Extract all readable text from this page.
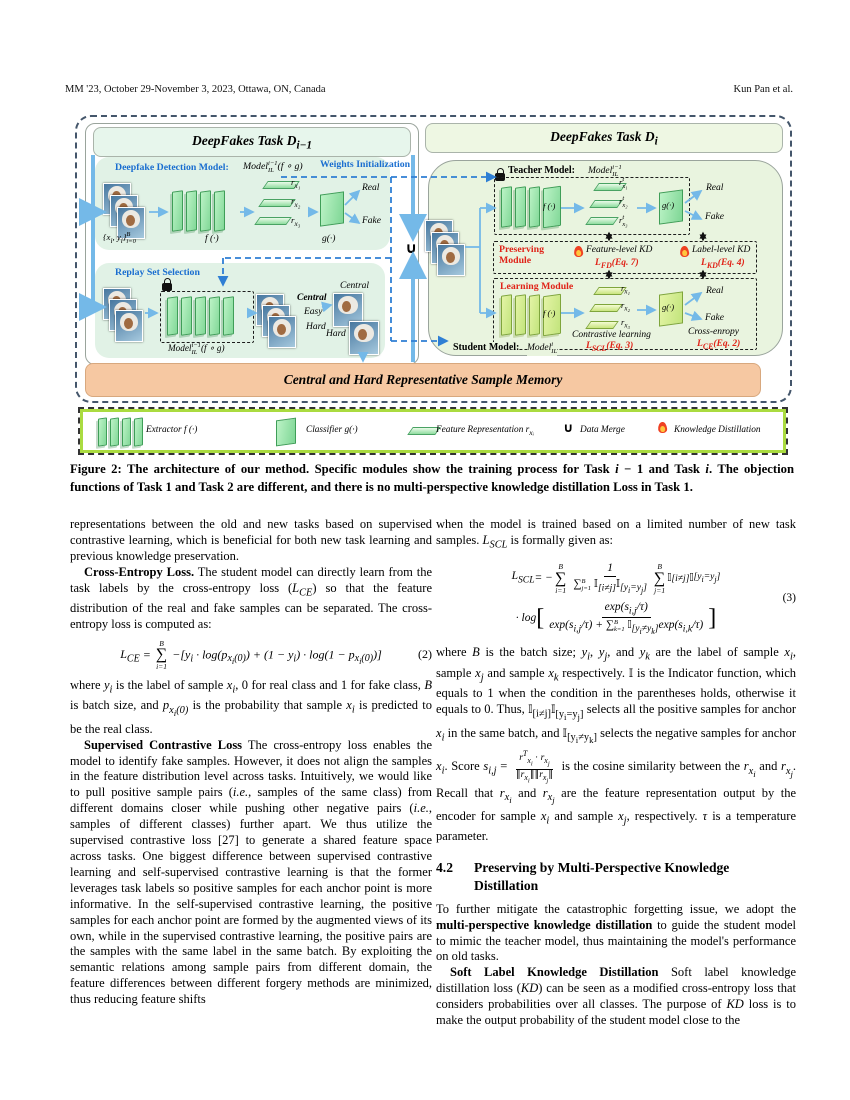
MM '23, October 29-November 3, 2023, Ottawa, ON, Canada	Kun Pan et al.
DeepFakes Task $D_{i-1}$
Deepfake Detection Model: Modeli−1
IL (f ∘ g)
{$x_i$, $y_i\}B$
i=0	f (·)
$r_{x_1}$
$r_{x_2}$
$r_{x_3}$
g(·)
Real
Fake
Weights Initialization
Replay Set Selection
Modeli−1
IL (f ∘ g)
Central
Easy
Hard
Central
Hard
DeepFakes Task $D_i$
Teacher Model: Modeli−1
IL
f (·)
rt
x₁
rt
x₂
rt
x₃
g(·)
Real
Fake
Preserving
Module
Feature-level KD
$L_{FD}(Eq$. 7)
Label-level KD
$L_{KD}(Eq$. 4)
Learning Module
f (·)
$r_{x_1}$
$r_{x_2}$
$r_{x_3}$
Contrastive learning
$L_{SCL}(Eq$. 3)
g(·)
Real
Fake
Cross-enropy
$L_{CE}(Eq$. 2)
Student Model: Modeli
IL
∪
Central and Hard Representative Sample Memory
Extractor f (·)	Classifier g(·)	Feature Representation $r_{xᵢ}$ ∪ Data Merge	Knowledge Distillation
Figure 2: The architecture of our method. Specific modules show the training process for Task i − 1 and Task i. The objection functions of Task 1 and Task 2 are different, and there is no multi-perspective knowledge distillation Loss in Task 1.

representations between the old and new tasks based on supervised contrastive learning, which is beneficial for both new task learning and previous knowledge preservation.

Cross-Entropy Loss. The student model can directly learn from the task labels by the cross-entropy loss $(L_{CE})$ so that the feature distribution of the real and fake samples can be separated. The cross-entropy loss is computed as:

$L_{CE}$ =
B
∑
i=1
$-[y_i \cdot \log(p_{x_i(0)}) + (1 - y_i) \cdot \log(1 - p_{x_i(0)})]$	(2)

where $y_i$ is the label of sample $x_i$, 0 for real class and 1 for fake class, B is batch size, and $p_{x_i(0)}$ is the probability that sample $x_i$ is predicted to be the real class.

Supervised Contrastive Loss The cross-entropy loss enables the model to identify fake samples. However, it does not align the samples in the feature distribution level across tasks. Intuitively, we would like to pull positive sample pairs (i.e., samples of the same class) from different domains closer while pushing other negative pairs (i.e., samples of different classes) further apart. We thus utilize the supervised contrastive loss [27] to generate a shared feature space across tasks. One biggest difference between supervised contrastive learning and self-supervised contrastive learning is that the former leverages task labels so positive samples for each anchor point is more informative. In the self-supervised contrastive learning, the positive samples for each anchor point are formed by the augmented views of its own, while in the supervised contrastive learning, the positive pairs are the samples with the same label in the same batch. By exploiting the semantic relations among sample pairs from different domain, the feature differences between different forgery methods are minimized, thus reducing feature shifts

when the model is trained based on a limited number of new task samples. $L_{SCL}$ is formally given as:

$L_{SCL}$ = −
B
∑
i=1
1
∑B
j=1 𝕀$_{[i\ne j]}$𝕀$_{[y_i=y_j]}$
B
∑
j=1
𝕀 [i≠j] 𝕀 $[y_i=y_j]$
· log [	$\exp(s_{i,j}/\tau)$
$\exp(s_{i,j}/\tau) + \sum B$
k=1 $𝕀_{[y_i\ne y_k]}\exp(s_{i,k}/\tau)$ ]
(3)

where B is the batch size; $y_i$, $y_j$, and $y_k$ are the label of sample $x_i$, sample $x_j$ and sample $x_k$ respectively. 𝕀 is the Indicator function, which equals to 1 when the condition in the parentheses holds, otherwise it equals to 0. Thus, 𝕀$_{[i\ne j]}$𝕀$_{[y_i=y_j]}$ selects all the positive samples for anchor $x_i$ in the same batch, and 𝕀$_{[y_i\ne y_k]}$ selects the negative samples for anchor $x_i$. Score $s_{i,j} = \frac{r^T_{x_i} \cdot r_{x_j}}{\parallel r_{x_i}\parallel\parallel r_{x_j}\parallel}$ is the cosine similarity between the $r_{x_i}$ and $r_{x_j}$. Recall that $r_{x_i}$ and $r_{x_j}$ are the feature representation output by the encoder for sample $x_i$ and sample $x_j$, respectively. τ is a temperature parameter.

4.2	Preserving by Multi-Perspective Knowledge Distillation

To further mitigate the catastrophic forgetting issue, we adopt the multi-perspective knowledge distillation to guide the student model to mimic the teacher model, thus maintaining the model's performance on old tasks.

Soft Label Knowledge Distillation Soft label knowledge distillation loss (KD) can be seen as a modified cross-entropy loss that considers probabilities over all classes. The purpose of KD loss is to make the output probability of the student model close to the
